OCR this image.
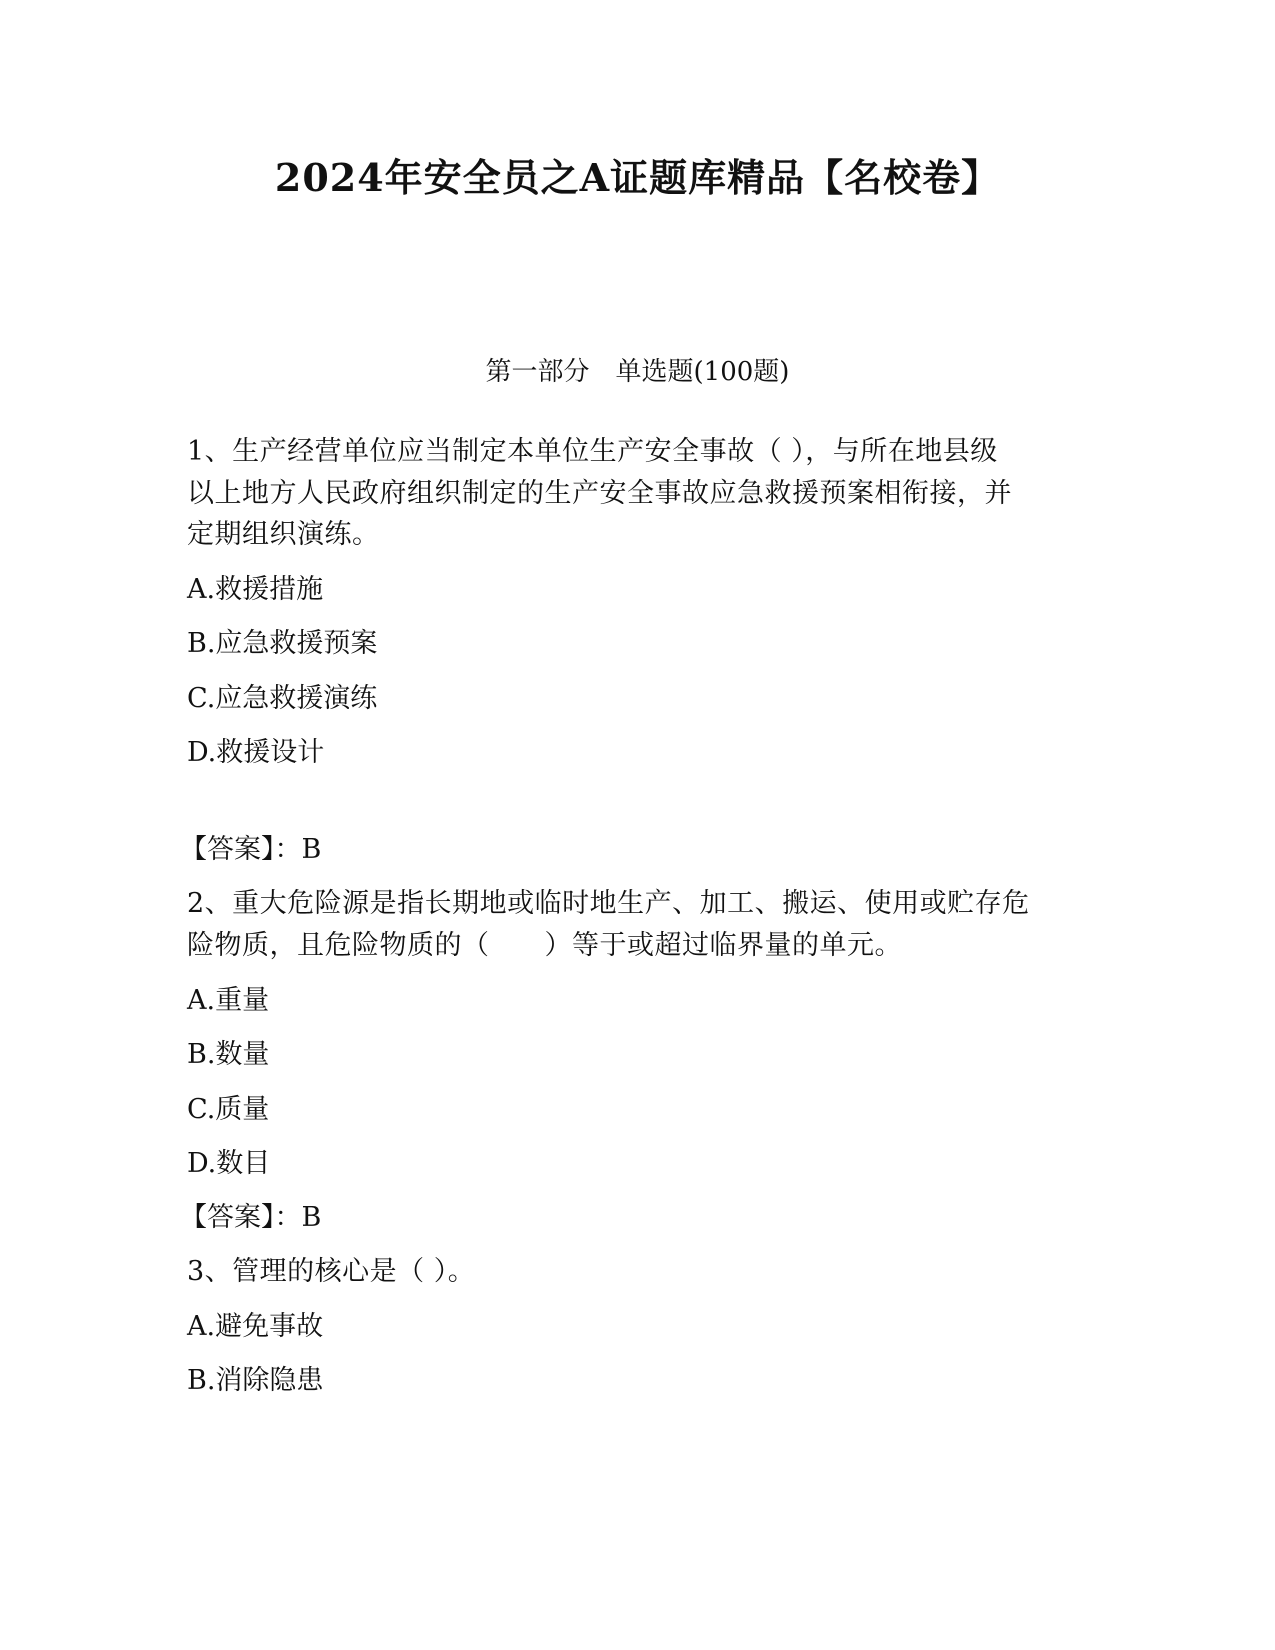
2024年安全员之A证题库精品【名校卷】
第一部分　单选题(100题)
1、生产经营单位应当制定本单位生产安全事故（ ），与所在地县级
以上地方人民政府组织制定的生产安全事故应急救援预案相衔接，并
定期组织演练。
A.救援措施
B.应急救援预案
C.应急救援演练
D.救援设计
【答案】：B
2、重大危险源是指长期地或临时地生产、加工、搬运、使用或贮存危
险物质，且危险物质的（　　）等于或超过临界量的单元。
A.重量
B.数量
C.质量
D.数目
【答案】：B
3、管理的核心是（ ）。
A.避免事故
B.消除隐患
